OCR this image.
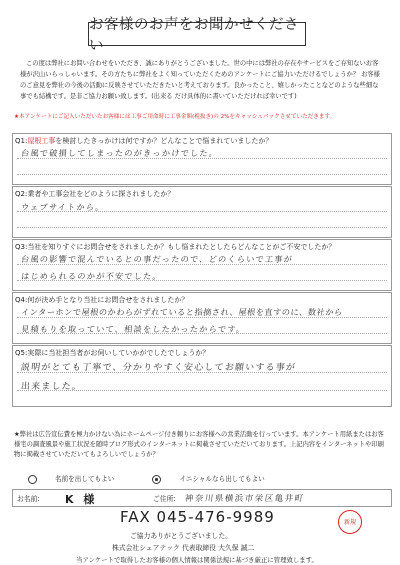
お客様のお声をお聞かせください
この度は弊社にお問い合わせをいただき、誠にありがとうございました。世の中には弊社の存在やサービスをご存知ないお客様が沢山いらっしゃいます。その方たちに弊社をよく知っていただくためのアンケートにご協力いただけるでしょうか？ お客様のご意見を弊社の今後の活動に反映させていただきたいと考えております。良かったこと、嬉しかったことなどのような些細な事でも結構です。是非ご協力お願い致します。(出来る だけ具体的に書いていただければ幸いです)
★本アンケートにご記入いただいたお客様には工事ご用命時に工事金額(税抜き)の 2%をキャッシュバックさせていただきます。
Q1:屋根工事を検討したきっかけは何ですか？どんなことで悩まれていましたか？
台風で破損してしまったのがきっかけでした。
Q2:業者や工事会社をどのように探されましたか？
ウェブサイトから。
Q3:当社を知りすぐにお問合せをされましたか？もし悩まれたとしたらどんなことがご不安でしたか？
台風の影響で混んでいるとの事だったので、どのくらいで工事が
はじめられるのかが不安でした。
Q4:何が決め手となり当社にお問合せをされましたか？
インターホンで屋根のかわらがずれていると指摘され、屋根を直すのに、数社から
見積もりを取っていて、相談をしたかったからです。
Q5:実際に当社担当者がお伺いしていかがでしたでしょうか？
説明がとても丁寧で、分かりやすく安心してお願いする事が
出来ました。
★弊社は広告宣伝費を極力かけない為にホームページ付き頼りにお客様への営業活動を行っています。本アンケート用紙またはお客様宅の調査風景や施工状況を随時ブログ形式のインターネットに掲載させていただいております。上記内容をインターネットや印刷物に掲載させていただいてもよろしいでしょうか？
名前を出してもよい	イニシャルなら出してもよい
お名前: K 様	ご住所: 神奈川県横浜市栄区亀井町
FAX 045-476-9989	新規
ご協力ありがとうございました。
株式会社シェアテック 代表取締役 大久保 誠二
当アンケートで取得したお客様の個人情報は関係法規に基づき厳正に管理致します。
